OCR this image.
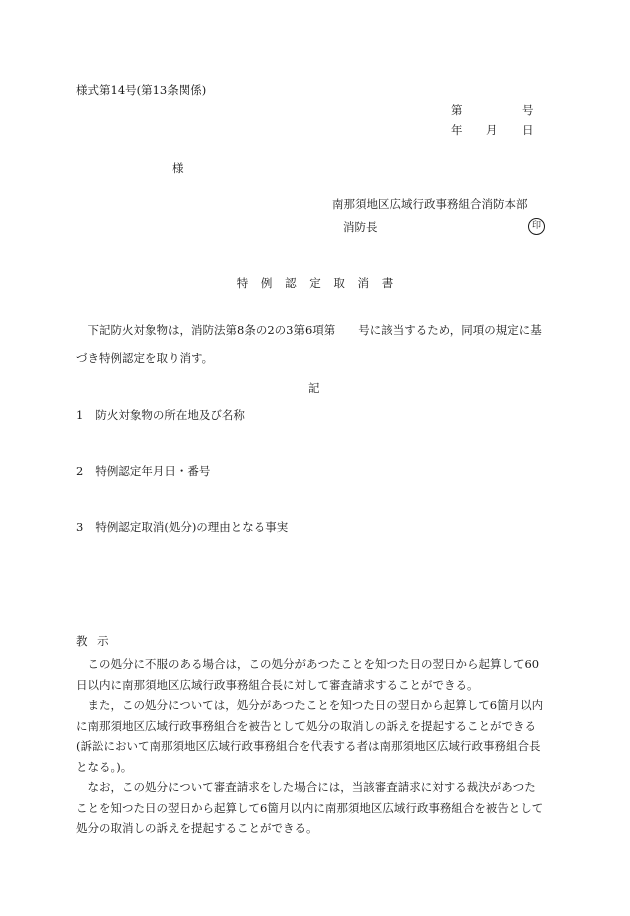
様式第14号(第13条関係)
第	号
年 月 日
様
南那須地区広域行政事務組合消防本部
消防長	印
特 例 認 定 取 消 書
下記防火対象物は，消防法第8条の2の3第6項第　　号に該当するため，同項の規定に基づき特例認定を取り消す。
記
1 防火対象物の所在地及び名称
2 特例認定年月日・番号
3 特例認定取消(処分)の理由となる事実
教 示
この処分に不服のある場合は，この処分があつたことを知つた日の翌日から起算して60日以内に南那須地区広域行政事務組合長に対して審査請求することができる。
また，この処分については，処分があつたことを知つた日の翌日から起算して6箇月以内に南那須地区広域行政事務組合を被告として処分の取消しの訴えを提起することができる(訴訟において南那須地区広域行政事務組合を代表する者は南那須地区広域行政事務組合長となる。)。
なお，この処分について審査請求をした場合には，当該審査請求に対する裁決があつたことを知つた日の翌日から起算して6箇月以内に南那須地区広域行政事務組合を被告として処分の取消しの訴えを提起することができる。
